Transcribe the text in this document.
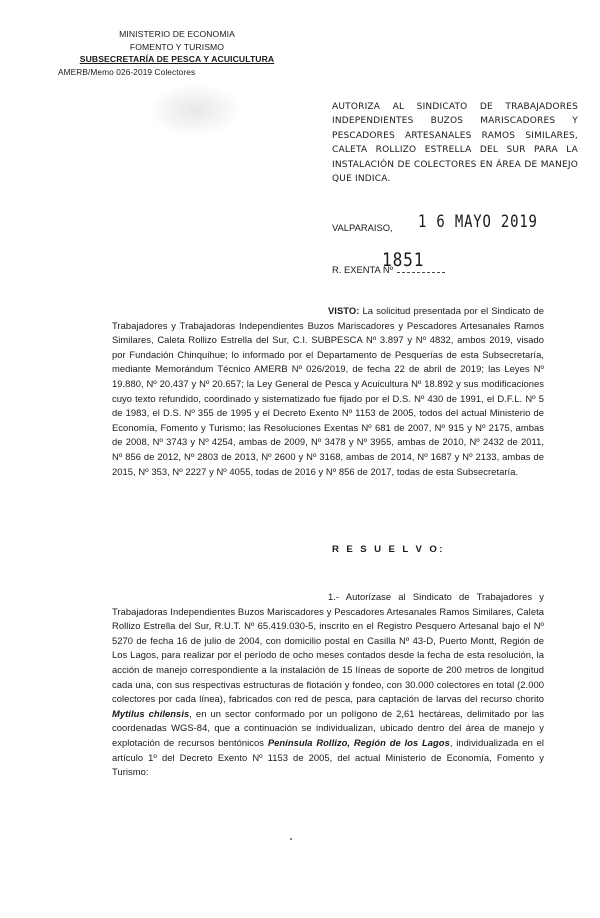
MINISTERIO DE ECONOMIA
FOMENTO Y TURISMO
SUBSECRETARÍA DE PESCA Y ACUICULTURA
AMERB/Memo 026-2019 Colectores
AUTORIZA AL SINDICATO DE TRABAJADORES INDEPENDIENTES BUZOS MARISCADORES Y PESCADORES ARTESANALES RAMOS SIMILARES, CALETA ROLLIZO ESTRELLA DEL SUR PARA LA INSTALACIÓN DE COLECTORES EN ÁREA DE MANEJO QUE INDICA.
VALPARAISO, 1 6 MAYO 2019
R. EXENTA Nº
1851
VISTO: La solicitud presentada por el Sindicato de Trabajadores y Trabajadoras Independientes Buzos Mariscadores y Pescadores Artesanales Ramos Similares, Caleta Rollizo Estrella del Sur, C.I. SUBPESCA Nº 3.897 y Nº 4832, ambos 2019, visado por Fundación Chinquihue; lo informado por el Departamento de Pesquerías de esta Subsecretaría, mediante Memorándum Técnico AMERB Nº 026/2019, de fecha 22 de abril de 2019; las Leyes Nº 19.880, Nº 20.437 y Nº 20.657; la Ley General de Pesca y Acuicultura Nº 18.892 y sus modificaciones cuyo texto refundido, coordinado y sistematizado fue fijado por el D.S. Nº 430 de 1991, el D.F.L. Nº 5 de 1983, el D.S. Nº 355 de 1995 y el Decreto Exento Nº 1153 de 2005, todos del actual Ministerio de Economía, Fomento y Turismo; las Resoluciones Exentas Nº 681 de 2007, Nº 915 y Nº 2175, ambas de 2008, Nº 3743 y Nº 4254, ambas de 2009, Nº 3478 y Nº 3955, ambas de 2010, Nº 2432 de 2011, Nº 856 de 2012, Nº 2803 de 2013, Nº 2600 y Nº 3168, ambas de 2014, Nº 1687 y Nº 2133, ambas de 2015, Nº 353, Nº 2227 y Nº 4055, todas de 2016 y Nº 856 de 2017, todas de esta Subsecretaría.
R E S U E L V O:
1.- Autorízase al Sindicato de Trabajadores y Trabajadoras Independientes Buzos Mariscadores y Pescadores Artesanales Ramos Similares, Caleta Rollizo Estrella del Sur, R.U.T. Nº 65.419.030-5, inscrito en el Registro Pesquero Artesanal bajo el Nº 5270 de fecha 16 de julio de 2004, con domicilio postal en Casilla Nº 43-D, Puerto Montt, Región de Los Lagos, para realizar por el período de ocho meses contados desde la fecha de esta resolución, la acción de manejo correspondiente a la instalación de 15 líneas de soporte de 200 metros de longitud cada una, con sus respectivas estructuras de flotación y fondeo, con 30.000 colectores en total (2.000 colectores por cada línea), fabricados con red de pesca, para captación de larvas del recurso chorito Mytilus chilensis, en un sector conformado por un polígono de 2,61 hectáreas, delimitado por las coordenadas WGS-84, que a continuación se individualizan, ubicado dentro del área de manejo y explotación de recursos bentónicos Península Rollizo, Región de los Lagos, individualizada en el artículo 1º del Decreto Exento Nº 1153 de 2005, del actual Ministerio de Economía, Fomento y Turismo:
